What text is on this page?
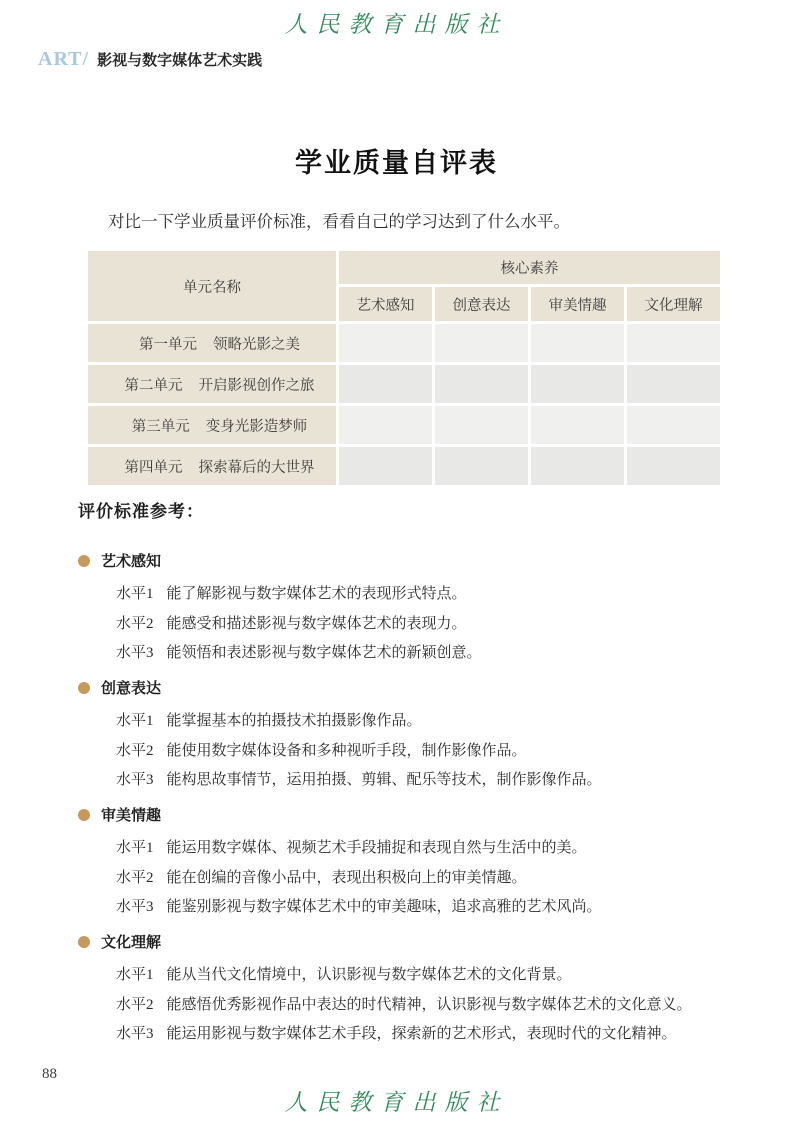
人民教育出版社
ART/ 影视与数字媒体艺术实践
学业质量自评表
对比一下学业质量评价标准，看看自己的学习达到了什么水平。
单元名称	核心素养			
	艺术感知	创意表达	审美情趣	文化理解
第一单元 领略光影之美				
第二单元 开启影视创作之旅				
第三单元 变身光影造梦师				
第四单元 探索幕后的大世界				
评价标准参考：
艺术感知
水平1 能了解影视与数字媒体艺术的表现形式特点。
水平2 能感受和描述影视与数字媒体艺术的表现力。
水平3 能领悟和表述影视与数字媒体艺术的新颖创意。
创意表达
水平1 能掌握基本的拍摄技术拍摄影像作品。
水平2 能使用数字媒体设备和多种视听手段，制作影像作品。
水平3 能构思故事情节，运用拍摄、剪辑、配乐等技术，制作影像作品。
审美情趣
水平1 能运用数字媒体、视频艺术手段捕捉和表现自然与生活中的美。
水平2 能在创编的音像小品中，表现出积极向上的审美情趣。
水平3 能鉴别影视与数字媒体艺术中的审美趣味，追求高雅的艺术风尚。
文化理解
水平1 能从当代文化情境中，认识影视与数字媒体艺术的文化背景。
水平2 能感悟优秀影视作品中表达的时代精神，认识影视与数字媒体艺术的文化意义。
水平3 能运用影视与数字媒体艺术手段，探索新的艺术形式，表现时代的文化精神。
88
人民教育出版社
